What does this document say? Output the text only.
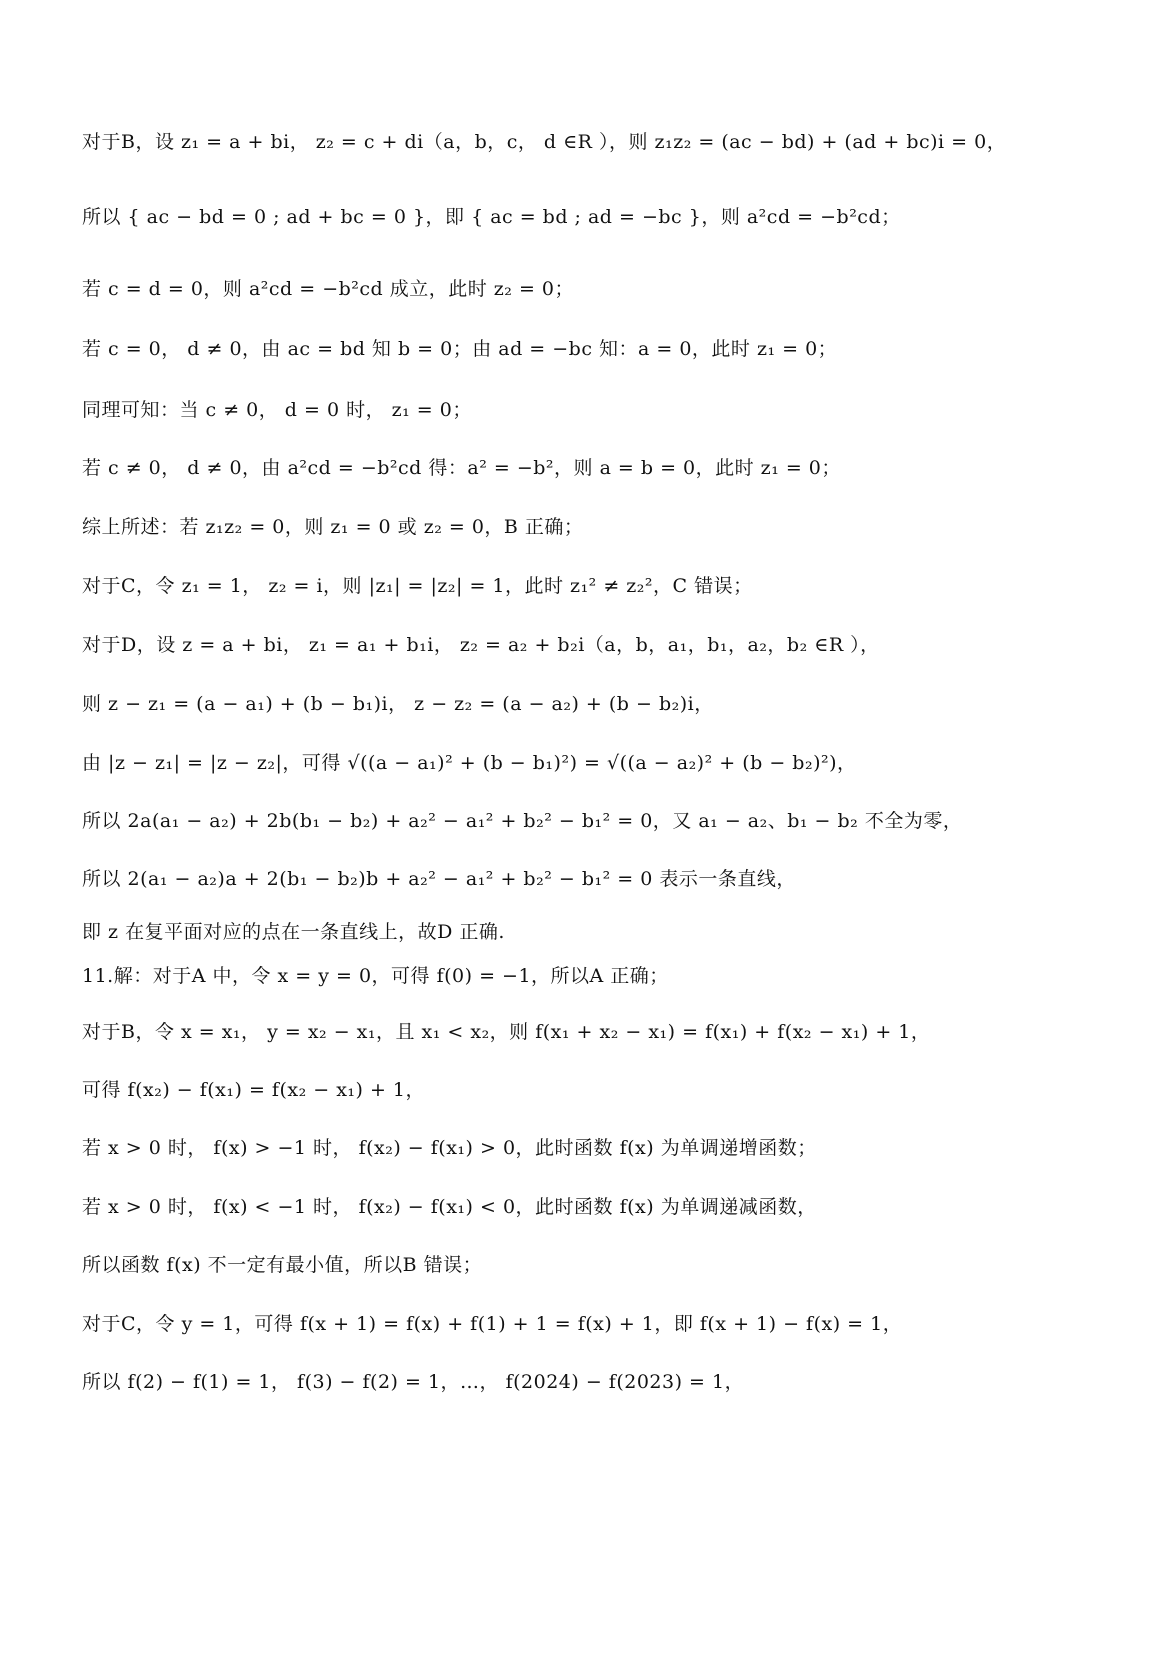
对于B，设 z₁ = a + bi， z₂ = c + di（a，b，c， d ∈R ），则 z₁z₂ = (ac − bd) + (ad + bc)i = 0，
所以 { ac − bd = 0 ; ad + bc = 0 }，即 { ac = bd ; ad = −bc }，则 a²cd = −b²cd；
若 c = d = 0，则 a²cd = −b²cd 成立，此时 z₂ = 0；
若 c = 0， d ≠ 0，由 ac = bd 知 b = 0；由 ad = −bc 知：a = 0，此时 z₁ = 0；
同理可知：当 c ≠ 0， d = 0 时， z₁ = 0；
若 c ≠ 0， d ≠ 0，由 a²cd = −b²cd 得：a² = −b²，则 a = b = 0，此时 z₁ = 0；
综上所述：若 z₁z₂ = 0，则 z₁ = 0 或 z₂ = 0，B 正确；
对于C，令 z₁ = 1， z₂ = i，则 |z₁| = |z₂| = 1，此时 z₁² ≠ z₂²，C 错误；
对于D，设 z = a + bi， z₁ = a₁ + b₁i， z₂ = a₂ + b₂i（a，b，a₁，b₁，a₂，b₂ ∈R ），
则 z − z₁ = (a − a₁) + (b − b₁)i， z − z₂ = (a − a₂) + (b − b₂)i，
由 |z − z₁| = |z − z₂|，可得 √((a − a₁)² + (b − b₁)²) = √((a − a₂)² + (b − b₂)²)，
所以 2a(a₁ − a₂) + 2b(b₁ − b₂) + a₂² − a₁² + b₂² − b₁² = 0，又 a₁ − a₂、b₁ − b₂ 不全为零，
所以 2(a₁ − a₂)a + 2(b₁ − b₂)b + a₂² − a₁² + b₂² − b₁² = 0 表示一条直线，
即 z 在复平面对应的点在一条直线上，故D 正确.
11.解：对于A 中，令 x = y = 0，可得 f(0) = −1，所以A 正确；
对于B，令 x = x₁， y = x₂ − x₁，且 x₁ < x₂，则 f(x₁ + x₂ − x₁) = f(x₁) + f(x₂ − x₁) + 1，
可得 f(x₂) − f(x₁) = f(x₂ − x₁) + 1，
若 x > 0 时， f(x) > −1 时， f(x₂) − f(x₁) > 0，此时函数 f(x) 为单调递增函数；
若 x > 0 时， f(x) < −1 时， f(x₂) − f(x₁) < 0，此时函数 f(x) 为单调递减函数，
所以函数 f(x) 不一定有最小值，所以B 错误；
对于C，令 y = 1，可得 f(x + 1) = f(x) + f(1) + 1 = f(x) + 1，即 f(x + 1) − f(x) = 1，
所以 f(2) − f(1) = 1， f(3) − f(2) = 1，…， f(2024) − f(2023) = 1，
